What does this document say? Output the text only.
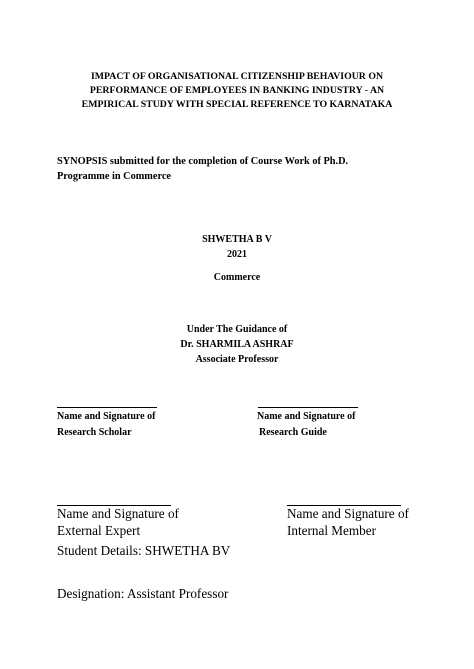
IMPACT OF ORGANISATIONAL CITIZENSHIP BEHAVIOUR ON
PERFORMANCE OF EMPLOYEES IN BANKING INDUSTRY - AN
EMPIRICAL STUDY WITH SPECIAL REFERENCE TO KARNATAKA
SYNOPSIS submitted for the completion of Course Work of Ph.D.
Programme in Commerce
SHWETHA B V
2021
Commerce
Under The Guidance of
Dr. SHARMILA ASHRAF
Associate Professor
Name and Signature of
Research Scholar
Name and Signature of
Research Guide
Name and Signature of
External Expert
Name and Signature of
Internal Member
Student Details: SHWETHA BV
Designation: Assistant Professor
